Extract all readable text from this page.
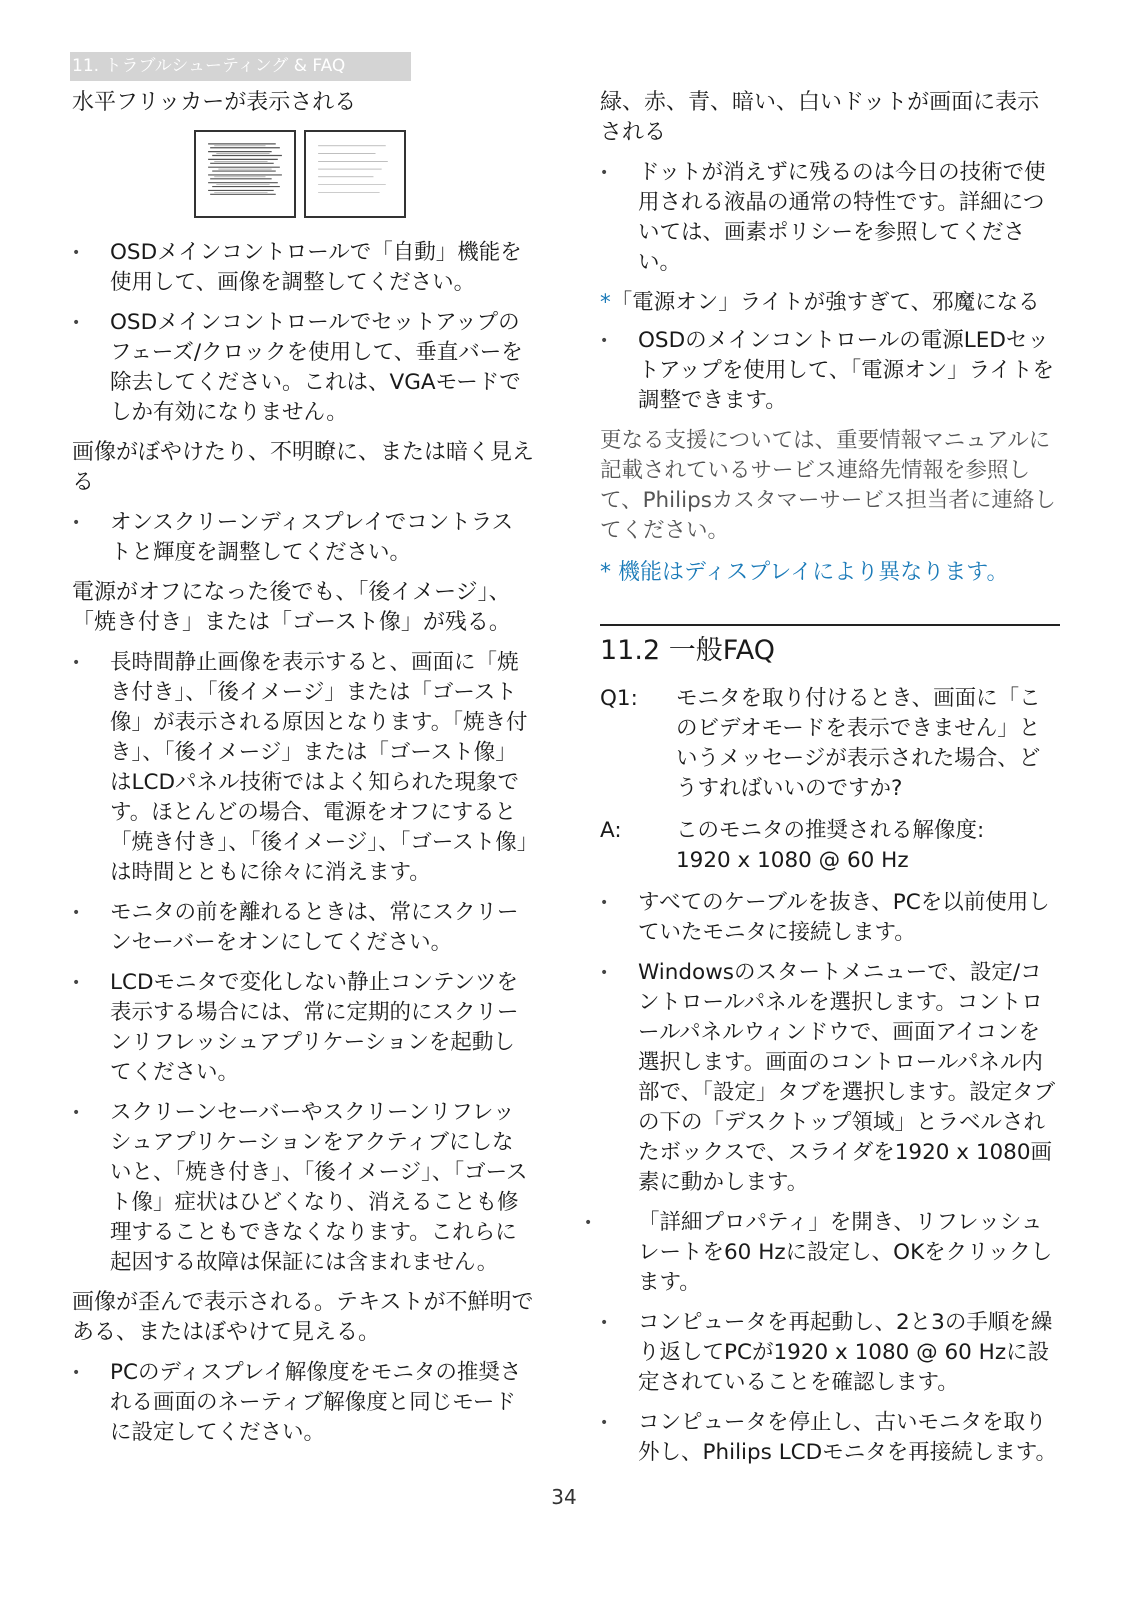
11. トラブルシューティング & FAQ

水平フリッカーが表示される

•	OSDメインコントロールで「自動」機能を使用して、画像を調整してください。
•	OSDメインコントロールでセットアップのフェーズ/クロックを使用して、垂直バーを除去してください。これは、VGAモードでしか有効になりません。

画像がぼやけたり、不明瞭に、または暗く見える

•	オンスクリーンディスプレイでコントラストと輝度を調整してください。

電源がオフになった後でも、「後イメージ」、「焼き付き」または「ゴースト像」が残る。

•	長時間静止画像を表示すると、画面に「焼き付き」、「後イメージ」または「ゴースト像」が表示される原因となります。「焼き付き」、「後イメージ」または「ゴースト像」はLCDパネル技術ではよく知られた現象です。ほとんどの場合、電源をオフにすると「焼き付き」、「後イメージ」、「ゴースト像」は時間とともに徐々に消えます。
•	モニタの前を離れるときは、常にスクリーンセーバーをオンにしてください。
•	LCDモニタで変化しない静止コンテンツを表示する場合には、常に定期的にスクリーンリフレッシュアプリケーションを起動してください。
•	スクリーンセーバーやスクリーンリフレッシュアプリケーションをアクティブにしないと、「焼き付き」、「後イメージ」、「ゴースト像」症状はひどくなり、消えることも修理することもできなくなります。これらに起因する故障は保証には含まれません。

画像が歪んで表示される。テキストが不鮮明である、またはぼやけて見える。

•	PCのディスプレイ解像度をモニタの推奨される画面のネーティブ解像度と同じモードに設定してください。

緑、赤、青、暗い、白いドットが画面に表示される

•	ドットが消えずに残るのは今日の技術で使用される液晶の通常の特性です。詳細については、画素ポリシーを参照してください。

*「電源オン」ライトが強すぎて、邪魔になる

•	OSDのメインコントロールの電源LEDセットアップを使用して、「電源オン」ライトを調整できます。

更なる支援については、重要情報マニュアルに記載されているサービス連絡先情報を参照して、Philipsカスタマーサービス担当者に連絡してください。

* 機能はディスプレイにより異なります。

11.2 一般FAQ

Q1:	モニタを取り付けるとき、画面に「このビデオモードを表示できません」というメッセージが表示された場合、どうすればいいのですか?
A:	このモニタの推奨される解像度:
1920 x 1080 @ 60 Hz
•	すべてのケーブルを抜き、PCを以前使用していたモニタに接続します。
•	Windowsのスタートメニューで、設定/コントロールパネルを選択します。コントロールパネルウィンドウで、画面アイコンを選択します。画面のコントロールパネル内部で、「設定」タブを選択します。設定タブの下の「デスクトップ領域」とラベルされたボックスで、スライダを1920 x 1080画素に動かします。
•	「詳細プロパティ」を開き、リフレッシュレートを60 Hzに設定し、OKをクリックします。
•	コンピュータを再起動し、2と3の手順を繰り返してPCが1920 x 1080 @ 60 Hzに設定されていることを確認します。
•	コンピュータを停止し、古いモニタを取り外し、Philips LCDモニタを再接続します。
34
